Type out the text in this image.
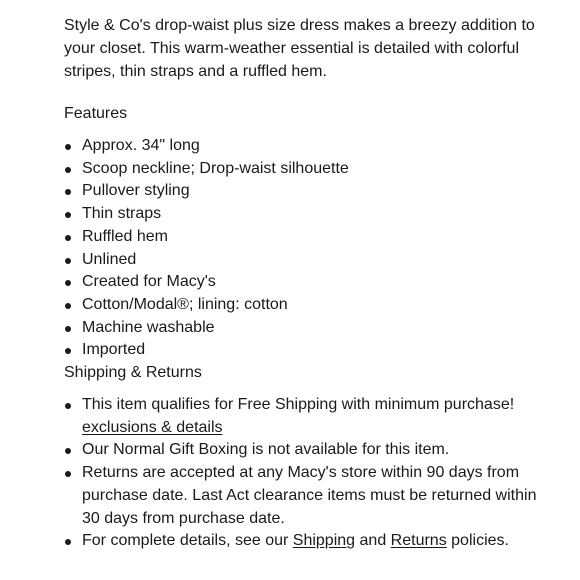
Style & Co's drop-waist plus size dress makes a breezy addition to your closet. This warm-weather essential is detailed with colorful stripes, thin straps and a ruffled hem.

Features
Approx. 34" long
Scoop neckline; Drop-waist silhouette
Pullover styling
Thin straps
Ruffled hem
Unlined
Created for Macy's
Cotton/Modal®; lining: cotton
Machine washable
Imported
Shipping & Returns
This item qualifies for Free Shipping with minimum purchase!
exclusions & details
Our Normal Gift Boxing is not available for this item.
Returns are accepted at any Macy's store within 90 days from purchase date. Last Act clearance items must be returned within 30 days from purchase date.
For complete details, see our Shipping and Returns policies.
